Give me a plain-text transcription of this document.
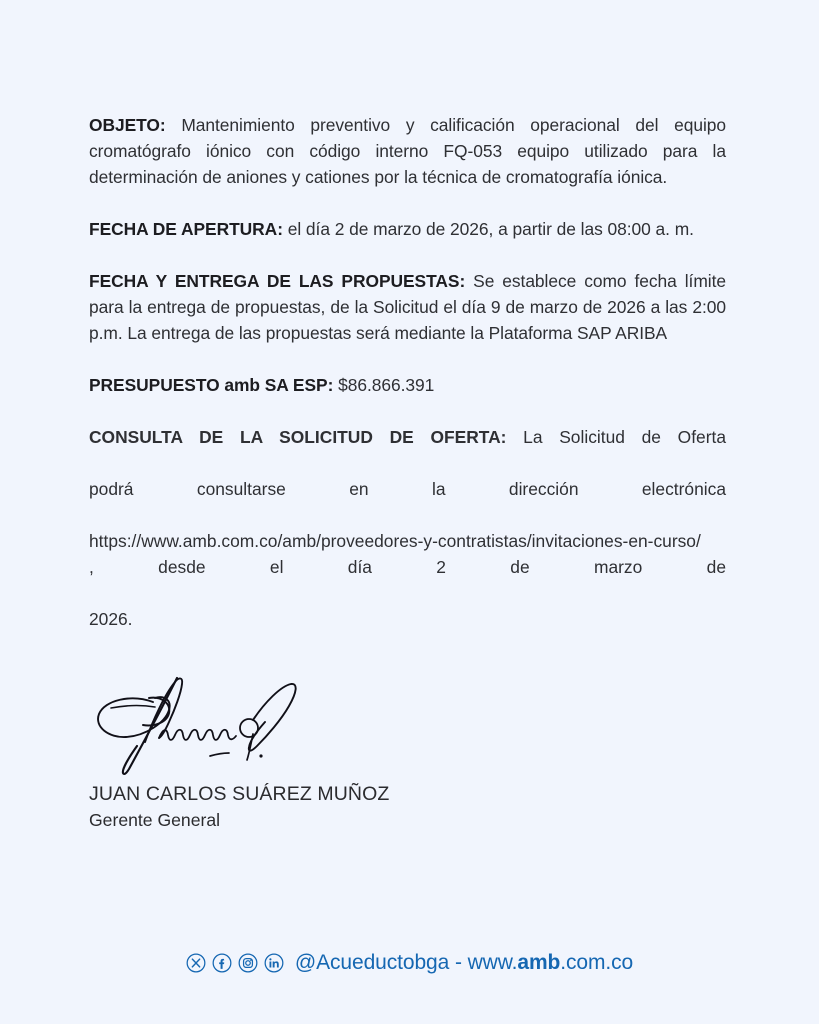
OBJETO: Mantenimiento preventivo y calificación operacional del equipo cromatógrafo iónico con código interno FQ-053 equipo utilizado para la determinación de aniones y cationes por la técnica de cromatografía iónica.

FECHA DE APERTURA: el día 2 de marzo de 2026, a partir de las 08:00 a. m.

FECHA Y ENTREGA DE LAS PROPUESTAS: Se establece como fecha límite para la entrega de propuestas, de la Solicitud el día 9 de marzo de 2026 a las 2:00 p.m. La entrega de las propuestas será mediante la Plataforma SAP ARIBA

PRESUPUESTO amb SA ESP: $86.866.391

CONSULTA DE LA SOLICITUD DE OFERTA: La Solicitud de Oferta
podrá consultarse en la dirección electrónica
https://www.amb.com.co/amb/proveedores-y-contratistas/invitaciones-en-curso/
, desde el día 2 de marzo de
2026.

JUAN CARLOS SUÁREZ MUÑOZ
Gerente General
@Acueductobga - www.amb.com.co
